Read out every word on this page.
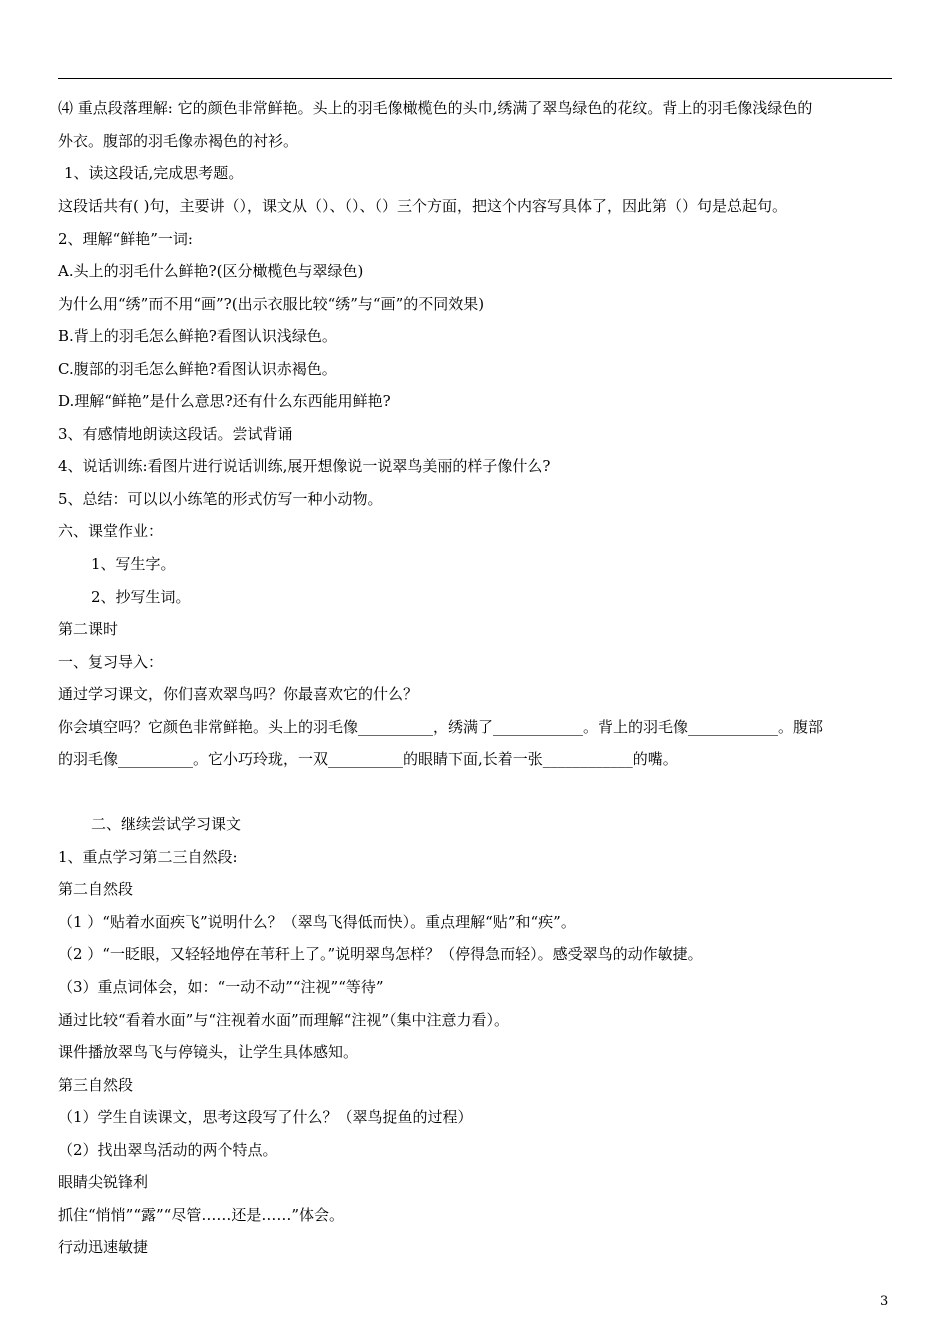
⑷ 重点段落理解: 它的颜色非常鲜艳。头上的羽毛像橄榄色的头巾,绣满了翠鸟绿色的花纹。背上的羽毛像浅绿色的
外衣。腹部的羽毛像赤褐色的衬衫。
1、读这段话,完成思考题。
这段话共有( )句，主要讲（），课文从（）、（）、（）三个方面，把这个内容写具体了，因此第（）句是总起句。
2、理解“鲜艳”一词:
A.头上的羽毛什么鲜艳?(区分橄榄色与翠绿色)
为什么用“绣”而不用“画”?(出示衣服比较“绣”与“画”的不同效果)
B.背上的羽毛怎么鲜艳?看图认识浅绿色。
C.腹部的羽毛怎么鲜艳?看图认识赤褐色。
D.理解“鲜艳”是什么意思?还有什么东西能用鲜艳?
3、有感情地朗读这段话。尝试背诵
4、说话训练:看图片进行说话训练,展开想像说一说翠鸟美丽的样子像什么?
5、总结：可以以小练笔的形式仿写一种小动物。
六、课堂作业：
1、写生字。
2、抄写生词。
第二课时
一、复习导入：
通过学习课文，你们喜欢翠鸟吗？你最喜欢它的什么？
你会填空吗？它颜色非常鲜艳。头上的羽毛像__________，绣满了____________。背上的羽毛像____________。腹部
的羽毛像__________。它小巧玲珑，一双__________的眼睛下面,长着一张____________的嘴。
二、继续尝试学习课文
1、重点学习第二三自然段:
第二自然段
（1 ）“贴着水面疾飞”说明什么？（翠鸟飞得低而快）。重点理解“贴”和“疾”。
（2 ）“一眨眼，又轻轻地停在苇秆上了。”说明翠鸟怎样？（停得急而轻）。感受翠鸟的动作敏捷。
（3）重点词体会，如：“一动不动”“注视”“等待”
通过比较“看着水面”与“注视着水面”而理解“注视”（集中注意力看）。
课件播放翠鸟飞与停镜头，让学生具体感知。
第三自然段
（1）学生自读课文，思考这段写了什么？（翠鸟捉鱼的过程）
（2）找出翠鸟活动的两个特点。
眼睛尖锐锋利
抓住“悄悄”“露”“尽管……还是……”体会。
行动迅速敏捷
3
